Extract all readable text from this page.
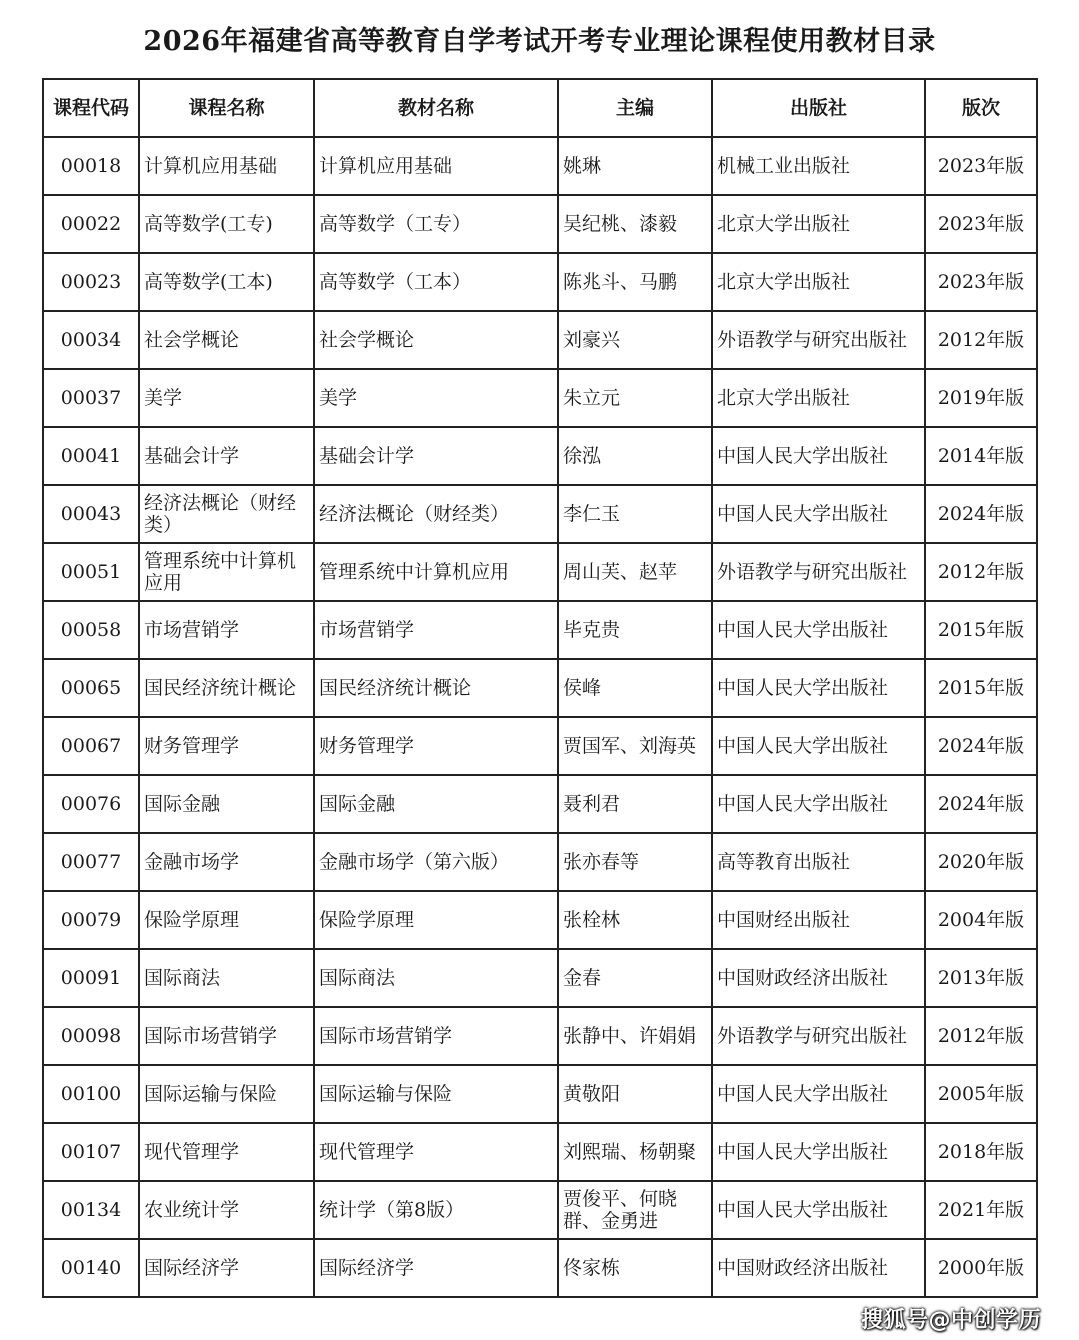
2026年福建省高等教育自学考试开考专业理论课程使用教材目录
课程代码	课程名称	教材名称	主编	出版社	版次
00018	计算机应用基础	计算机应用基础	姚琳	机械工业出版社	2023年版
00022	高等数学(工专)	高等数学（工专）	吴纪桃、漆毅	北京大学出版社	2023年版
00023	高等数学(工本)	高等数学（工本）	陈兆斗、马鹏	北京大学出版社	2023年版
00034	社会学概论	社会学概论	刘豪兴	外语教学与研究出版社	2012年版
00037	美学	美学	朱立元	北京大学出版社	2019年版
00041	基础会计学	基础会计学	徐泓	中国人民大学出版社	2014年版
00043	经济法概论（财经类）	经济法概论（财经类）	李仁玉	中国人民大学出版社	2024年版
00051	管理系统中计算机应用	管理系统中计算机应用	周山芙、赵苹	外语教学与研究出版社	2012年版
00058	市场营销学	市场营销学	毕克贵	中国人民大学出版社	2015年版
00065	国民经济统计概论	国民经济统计概论	侯峰	中国人民大学出版社	2015年版
00067	财务管理学	财务管理学	贾国军、刘海英	中国人民大学出版社	2024年版
00076	国际金融	国际金融	聂利君	中国人民大学出版社	2024年版
00077	金融市场学	金融市场学（第六版）	张亦春等	高等教育出版社	2020年版
00079	保险学原理	保险学原理	张栓林	中国财经出版社	2004年版
00091	国际商法	国际商法	金春	中国财政经济出版社	2013年版
00098	国际市场营销学	国际市场营销学	张静中、许娟娟	外语教学与研究出版社	2012年版
00100	国际运输与保险	国际运输与保险	黄敬阳	中国人民大学出版社	2005年版
00107	现代管理学	现代管理学	刘熙瑞、杨朝聚	中国人民大学出版社	2018年版
00134	农业统计学	统计学（第8版）	贾俊平、何晓群、金勇进	中国人民大学出版社	2021年版
00140	国际经济学	国际经济学	佟家栋	中国财政经济出版社	2000年版
搜狐号@中创学历
